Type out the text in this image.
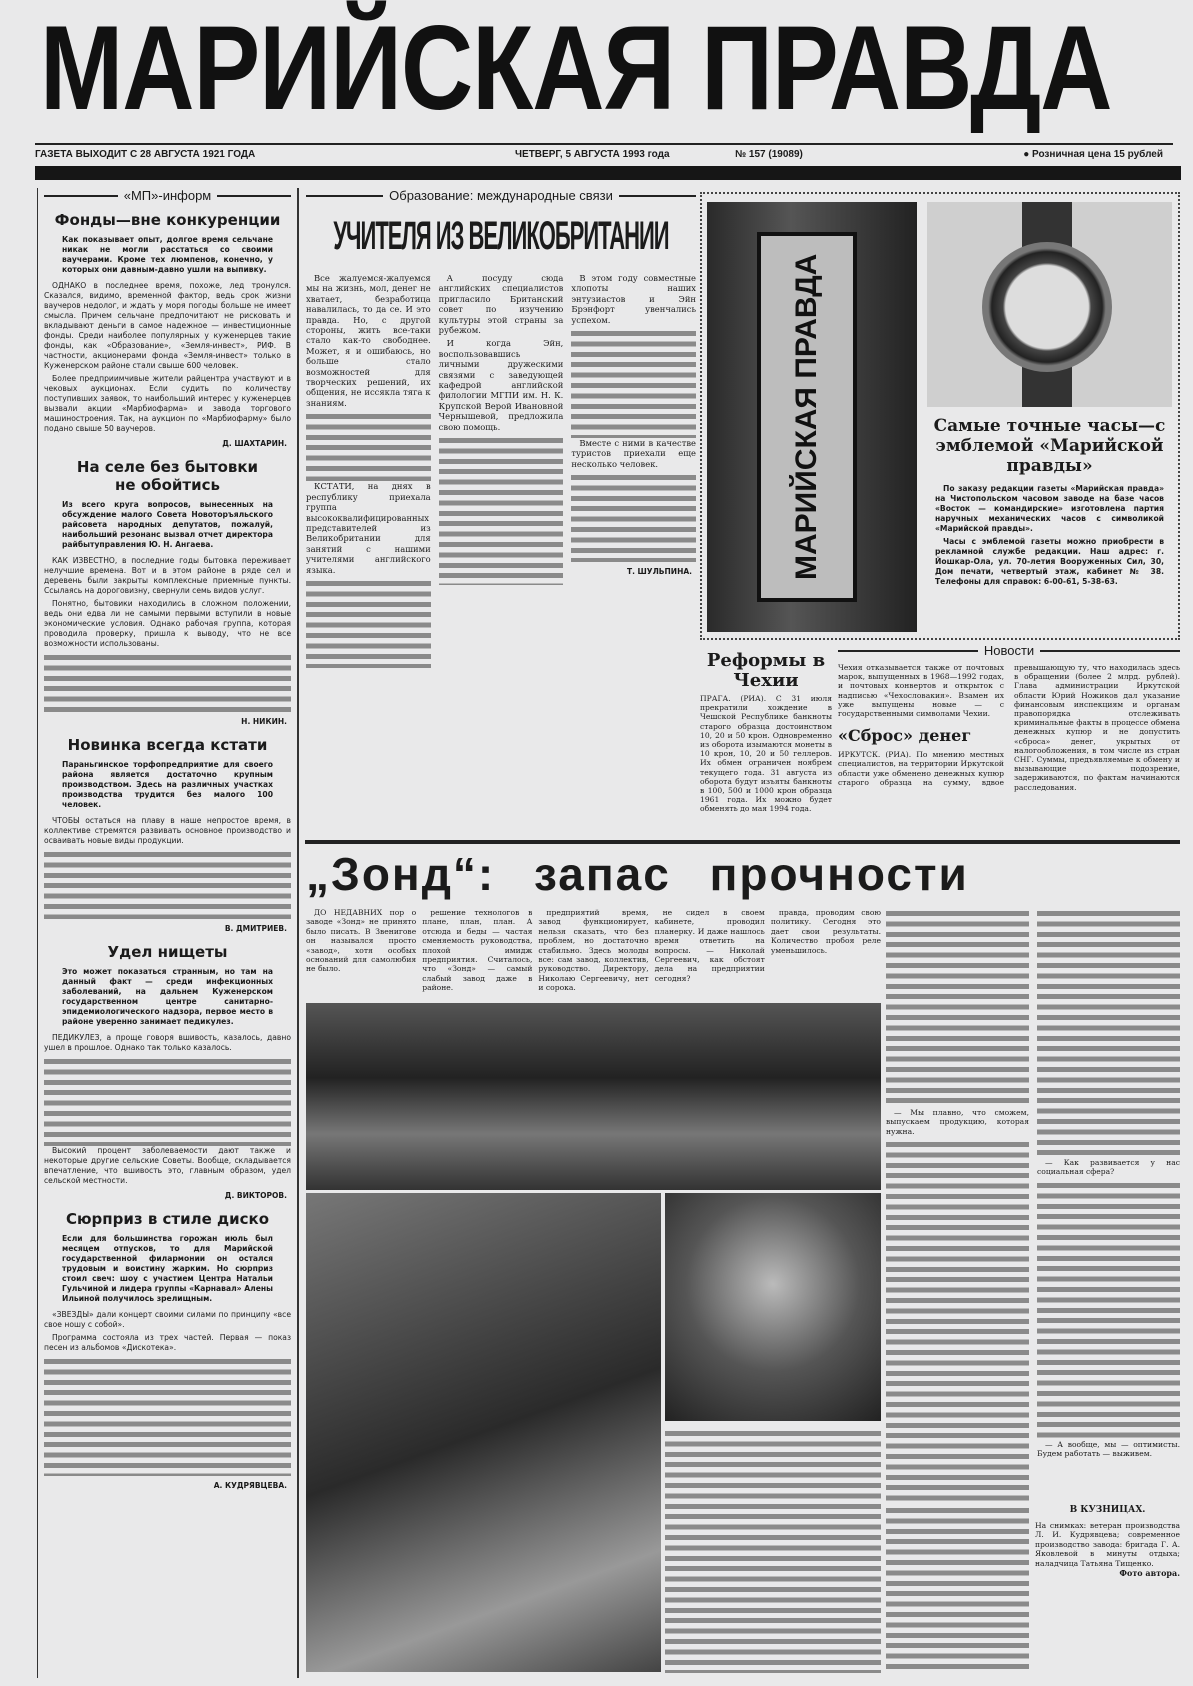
МАРИЙСКАЯ ПРАВДА
ГАЗЕТА ВЫХОДИТ С 28 АВГУСТА 1921 ГОДА	ЧЕТВЕРГ, 5 АВГУСТА 1993 года	№ 157 (19089)	● Розничная цена 15 рублей
«МП»-информ
Фонды—вне конкуренции
Как показывает опыт, долгое время сельчане никак не могли расстаться со своими ваучерами. Кроме тех люмпенов, конечно, у которых они давным-давно ушли на выпивку.

ОДНАКО в последнее время, похоже, лед тронулся. Сказался, видимо, временной фактор, ведь срок жизни ваучеров недолог, и ждать у моря погоды больше не имеет смысла. Причем сельчане предпочитают не рисковать и вкладывают деньги в самое надежное — инвестиционные фонды. Среди наиболее популярных у куженерцев такие фонды, как «Образование», «Земля-инвест», РИФ. В частности, акционерами фонда «Земля-инвест» только в Куженерском районе стали свыше 600 человек.

Более предприимчивые жители райцентра участвуют и в чековых аукционах. Если судить по количеству поступивших заявок, то наибольший интерес у куженерцев вызвали акции «Марбиофарма» и завода торгового машиностроения. Так, на аукцион по «Марбиофарму» было подано свыше 50 ваучеров.

Д. ШАХТАРИН.
На селе без бытовки не обойтись
Из всего круга вопросов, вынесенных на обсуждение малого Совета Новоторъяльского райсовета народных депутатов, пожалуй, наибольший резонанс вызвал отчет директора райбытуправления Ю. Н. Ангаева.

КАК ИЗВЕСТНО, в последние годы бытовка переживает нелучшие времена. Вот и в этом районе в ряде сел и деревень были закрыты комплексные приемные пункты. Ссылаясь на дороговизну, свернули семь видов услуг.

Понятно, бытовики находились в сложном положении, ведь они едва ли не самыми первыми вступили в новые экономические условия. Однако рабочая группа, которая проводила проверку, пришла к выводу, что не все возможности использованы.

Н. НИКИН.
Новинка всегда кстати
Параньгинское торфопредприятие для своего района является достаточно крупным производством. Здесь на различных участках производства трудится без малого 100 человек.

ЧТОБЫ остаться на плаву в наше непростое время, в коллективе стремятся развивать основное производство и осваивать новые виды продукции.

В. ДМИТРИЕВ.
Удел нищеты
Это может показаться странным, но там на данный факт — среди инфекционных заболеваний, на дальнем Куженерском государственном центре санитарно-эпидемиологического надзора, первое место в районе уверенно занимает педикулез.

ПЕДИКУЛЕЗ, а проще говоря вшивость, казалось, давно ушел в прошлое. Однако так только казалось.

Высокий процент заболеваемости дают также и некоторые другие сельские Советы. Вообще, складывается впечатление, что вшивость это, главным образом, удел сельской местности.

Д. ВИКТОРОВ.
Сюрприз в стиле диско
Если для большинства горожан июль был месяцем отпусков, то для Марийской государственной филармонии он остался трудовым и воистину жарким. Но сюрприз стоил свеч: шоу с участием Центра Натальи Гульчиной и лидера группы «Карнавал» Алены Ильиной получилось зрелищным.

«ЗВЕЗДЫ» дали концерт своими силами по принципу «все свое ношу с собой».

Программа состояла из трех частей. Первая — показ песен из альбомов «Дискотека».

А. КУДРЯВЦЕВА.
Образование: международные связи
УЧИТЕЛЯ ИЗ ВЕЛИКОБРИТАНИИ

Все жалуемся-жалуемся мы на жизнь, мол, денег не хватает, безработица навалилась, то да се. И это правда. Но, с другой стороны, жить все-таки стало как-то свободнее. Может, я и ошибаюсь, но больше стало возможностей для творческих решений, их общения, не иссякла тяга к знаниям.

КСТАТИ, на днях в республику приехала группа высококвалифицированных представителей из Великобритании для занятий с нашими учителями английского языка.

А посуду сюда английских специалистов пригласило Британский совет по изучению культуры этой страны за рубежом.

И когда Эйн, воспользовавшись личными дружескими связями с заведующей кафедрой английской филологии МГПИ им. Н. К. Крупской Верой Ивановной Чернышевой, предложила свою помощь.

В этом году совместные хлопоты наших энтузиастов и Эйн Брэнфорт увенчались успехом.

Вместе с ними в качестве туристов приехали еще несколько человек.

Т. ШУЛЬПИНА.	МАРИЙСКАЯ ПРАВДА	Самые точные часы—с эмблемой «Марийской правды»

По заказу редакции газеты «Марийская правда» на Чистопольском часовом заводе на базе часов «Восток — командирские» изготовлена партия наручных механических часов с символикой «Марийской правды».

Часы с эмблемой газеты можно приобрести в рекламной службе редакции. Наш адрес: г. Йошкар-Ола, ул. 70-летия Вооруженных Сил, 30, Дом печати, четвертый этаж, кабинет № 38. Телефоны для справок: 6-00-61, 5-38-63.

Реформы в Чехии
ПРАГА. (РИА). С 31 июля прекратили хождение в Чешской Республике банкноты старого образца достоинством 10, 20 и 50 крон. Одновременно из оборота изымаются монеты в 10 крон, 10, 20 и 50 геллеров. Их обмен ограничен ноябрем текущего года. 31 августа из оборота будут изъяты банкноты в 100, 500 и 1000 крон образца 1961 года. Их можно будет обменять до мая 1994 года.
Новости
Чехия отказывается также от почтовых марок, выпущенных в 1968—1992 годах, и почтовых конвертов и открыток с надписью «Чехословакия». Взамен их уже выпущены новые — с государственными символами Чехии.
«Сброс» денег
ИРКУТСК. (РИА). По мнению местных специалистов, на территории Иркутской области уже обменено денежных купюр старого образца на сумму, вдвое превышающую ту, что находилась здесь в обращении (более 2 млрд. рублей). Глава администрации Иркутской области Юрий Ножиков дал указание финансовым инспекциям и органам правопорядка отслеживать криминальные факты в процессе обмена денежных купюр и не допустить «сброса» денег, укрытых от налогообложения, в том числе из стран СНГ. Суммы, предъявляемые к обмену и вызывающие подозрение, задерживаются, по фактам начинаются расследования.
„Зонд“: запас прочности

ДО НЕДАВНИХ пор о заводе «Зонд» не принято было писать. В Звенигове он назывался просто «завод», хотя особых оснований для самолюбия не было.

решение технологов в плане, план, план. А отсюда и беды — частая сменяемость руководства, плохой имидж предприятия. Считалось, что «Зонд» — самый слабый завод даже в районе.

предприятий время, завод функционирует, нельзя сказать, что без проблем, но достаточно стабильно. Здесь молоды все: сам завод, коллектив, руководство. Директору, Николаю Сергеевичу, нет и сорока.

не сидел в своем кабинете, проводил планерку. И даже нашлось время ответить на вопросы. — Николай Сергеевич, как обстоят дела на предприятии сегодня?

правда, проводим свою политику. Сегодня это дает свои результаты. Количество пробоя реле уменьшилось.

— Мы плавно, что сможем, выпускаем продукцию, которая нужна.

— Как развивается у нас социальная сфера?

— А вообще, мы — оптимисты. Будем работать — выживем.

В КУЗНИЦАХ.
На снимках: ветеран производства Л. И. Кудрявцева; современное производство завода: бригада Г. А. Яковлевой в минуты отдыха; наладчица Татьяна Тищенко.
Фото автора.
